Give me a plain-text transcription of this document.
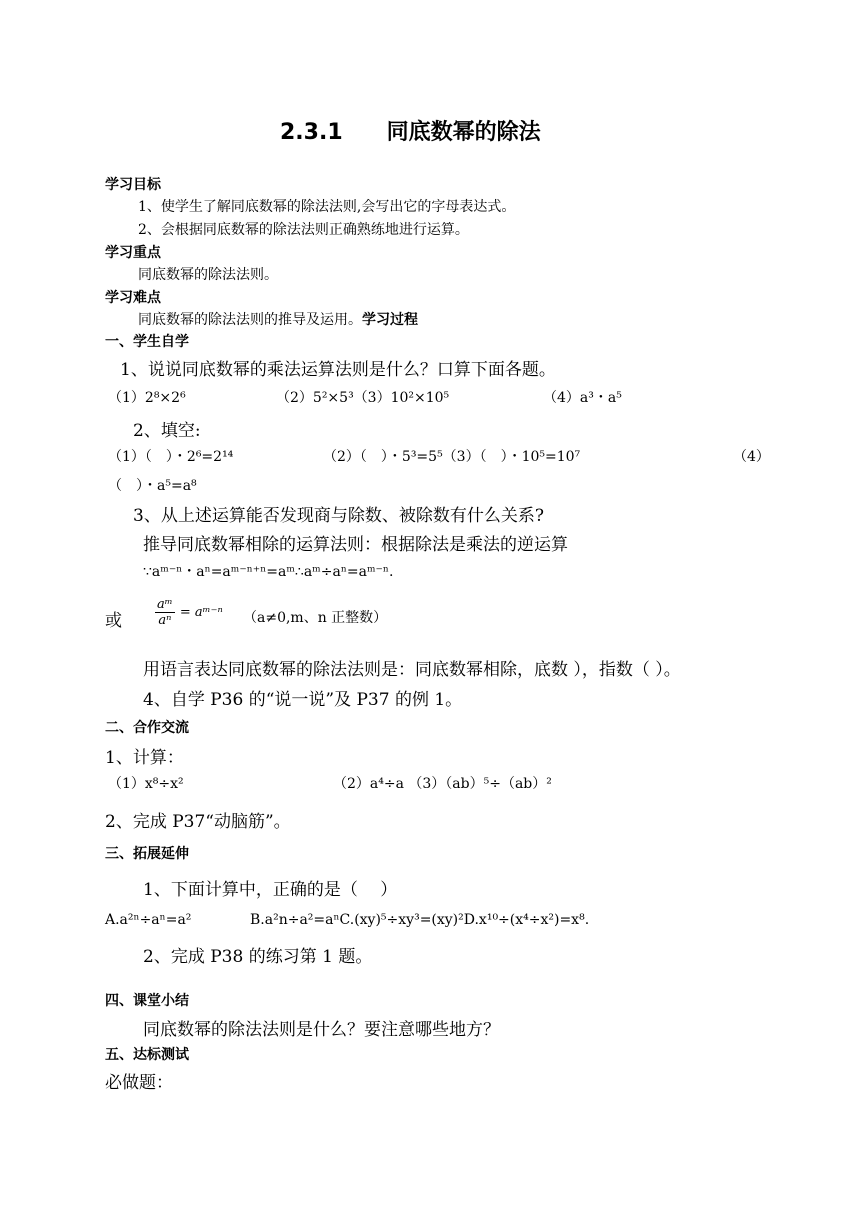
2.3.1　　同底数幂的除法
学习目标
1、使学生了解同底数幂的除法法则,会写出它的字母表达式。
2、会根据同底数幂的除法法则正确熟练地进行运算。
学习重点
同底数幂的除法法则。
学习难点
同底数幂的除法法则的推导及运用。学习过程
一、学生自学
1、说说同底数幂的乘法运算法则是什么？口算下面各题。
（1）2⁸×2⁶	（2）5²×5³（3）10²×10⁵	（4）a³・a⁵
2、填空:
（1）（　）・2⁶=2¹⁴	（2）（　）・5³=5⁵（3）（　）・10⁵=10⁷	（4）
（　）・a⁵=a⁸
3、从上述运算能否发现商与除数、被除数有什么关系?
推导同底数幂相除的运算法则：根据除法是乘法的逆运算
∵aᵐ⁻ⁿ・aⁿ=aᵐ⁻ⁿ⁺ⁿ=aᵐ∴aᵐ÷aⁿ=aᵐ⁻ⁿ.
或	$\frac{\text{aᵐ}}{\text{aⁿ}}$ = aᵐ⁻ⁿ （a≠0,m、n 正整数）
用语言表达同底数幂的除法法则是：同底数幂相除，底数 ），指数（ ）。
4、自学 P36 的“说一说”及 P37 的例 1。
二、合作交流
1、计算：
（1）x⁸÷x²	（2）a⁴÷a （3）（ab）⁵÷（ab）²
2、完成 P37“动脑筋”。
三、拓展延伸
1、下面计算中，正确的是（　 ）
A.a²ⁿ÷aⁿ=a²	B.a²n÷a²=aⁿC.(xy)⁵÷xy³=(xy)²D.x¹⁰÷(x⁴÷x²)=x⁸.
2、完成 P38 的练习第 1 题。
四、课堂小结
同底数幂的除法法则是什么？要注意哪些地方？
五、达标测试
必做题：
